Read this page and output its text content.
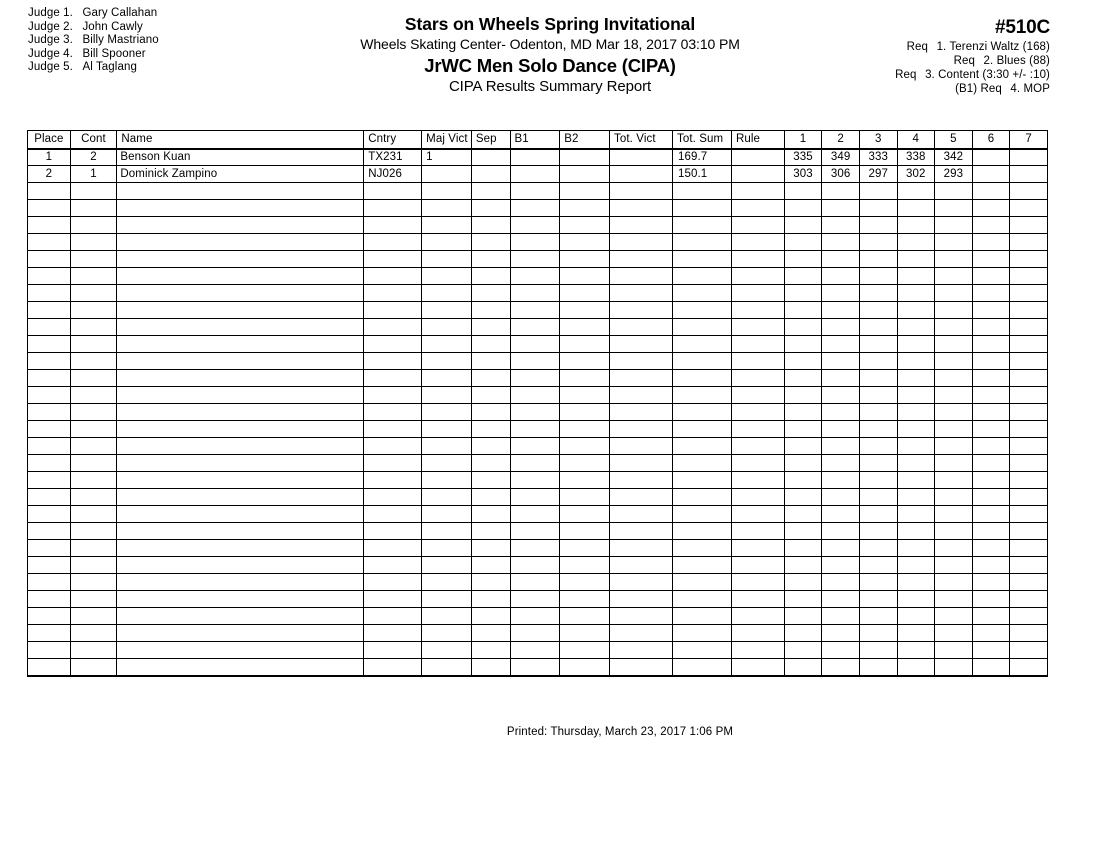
Judge 1. Gary Callahan
Judge 2. John Cawly
Judge 3. Billy Mastriano
Judge 4. Bill Spooner
Judge 5. Al Taglang
Stars on Wheels Spring Invitational
Wheels Skating Center- Odenton, MD Mar 18, 2017 03:10 PM
JrWC Men Solo Dance (CIPA)
CIPA Results Summary Report
#510C
Req 1. Terenzi Waltz (168)
Req 2. Blues (88)
Req 3. Content (3:30 +/- :10)
(B1) Req 4. MOP
Place	Cont	Name	Cntry	Maj Vict	Sep	B1	B2	Tot. Vict	Tot. Sum	Rule	1	2	3	4	5	6	7
1	2	Benson Kuan	TX231	1					169.7		335	349	333	338	342		
2	1	Dominick Zampino	NJ026						150.1		303	306	297	302	293		

Printed: Thursday, March 23, 2017 1:06 PM
